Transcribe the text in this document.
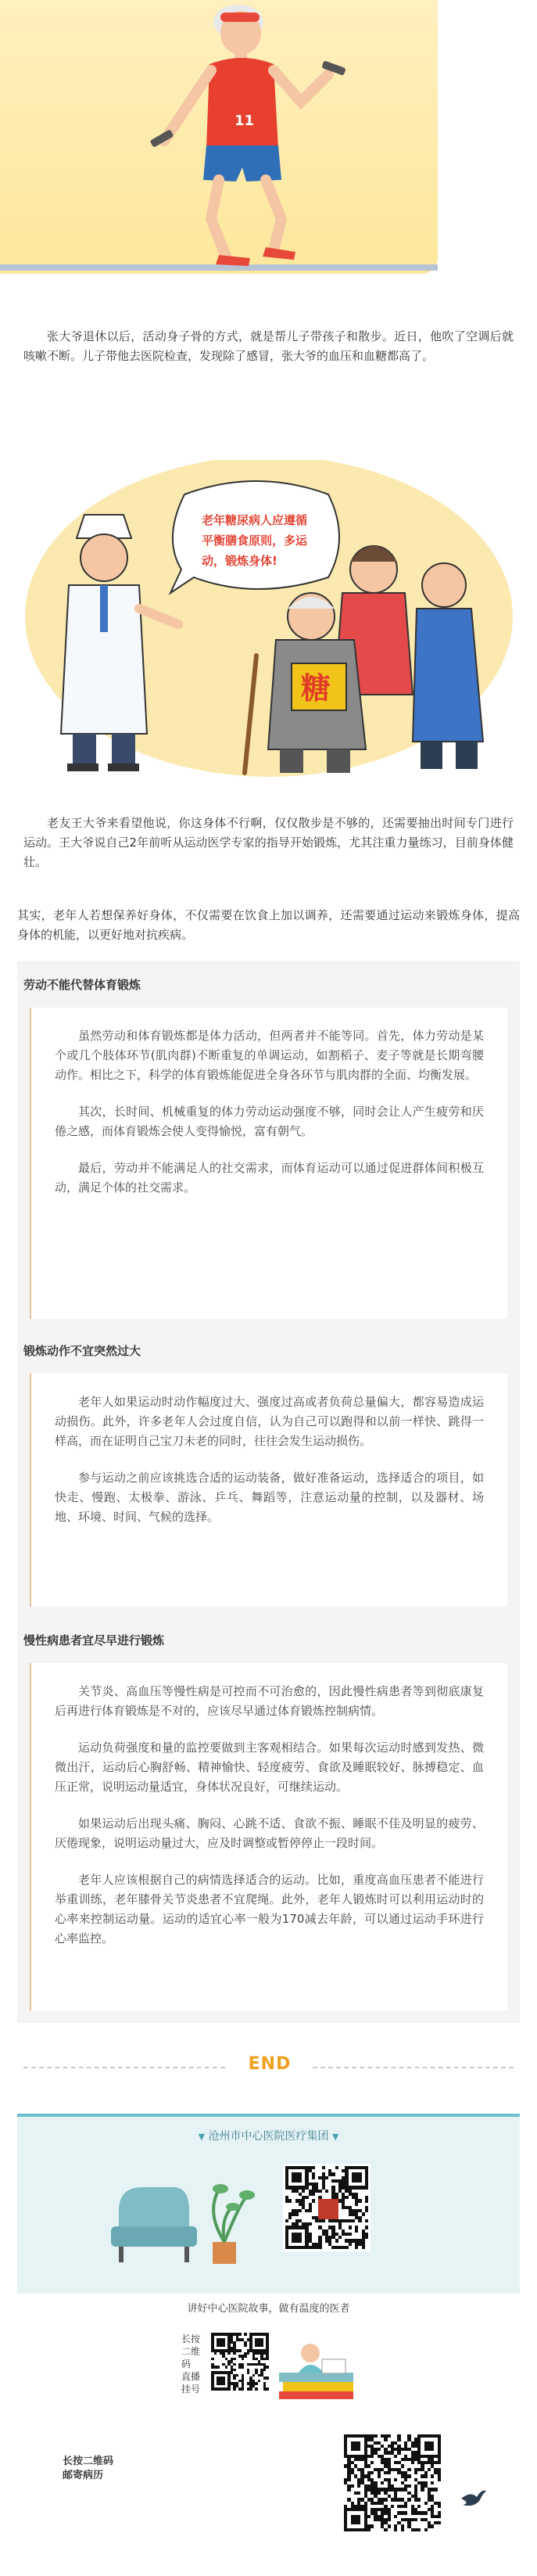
11
张大爷退休以后，活动身子骨的方式，就是帮儿子带孩子和散步。近日，他吹了空调后就咳嗽不断。儿子带他去医院检查，发现除了感冒，张大爷的血压和血糖都高了。
老年糖尿病人应遵循
平衡膳食原则，多运
动，锻炼身体!
糖
老友王大爷来看望他说，你这身体不行啊，仅仅散步是不够的，还需要抽出时间专门进行运动。王大爷说自己2年前听从运动医学专家的指导开始锻炼，尤其注重力量练习，目前身体健壮。
其实，老年人若想保养好身体，不仅需要在饮食上加以调养，还需要通过运动来锻炼身体，提高身体的机能，以更好地对抗疾病。
劳动不能代替体育锻炼

虽然劳动和体育锻炼都是体力活动，但两者并不能等同。首先，体力劳动是某个或几个肢体环节(肌肉群)不断重复的单调运动，如割稻子、麦子等就是长期弯腰动作。相比之下，科学的体育锻炼能促进全身各环节与肌肉群的全面、均衡发展。

其次，长时间、机械重复的体力劳动运动强度不够，同时会让人产生疲劳和厌倦之感，而体育锻炼会使人变得愉悦，富有朝气。

最后，劳动并不能满足人的社交需求，而体育运动可以通过促进群体间积极互动，满足个体的社交需求。

锻炼动作不宜突然过大

老年人如果运动时动作幅度过大、强度过高或者负荷总量偏大，都容易造成运动损伤。此外，许多老年人会过度自信，认为自己可以跑得和以前一样快、跳得一样高，而在证明自己宝刀未老的同时，往往会发生运动损伤。

参与运动之前应该挑选合适的运动装备，做好准备运动，选择适合的项目，如快走、慢跑、太极拳、游泳、乒乓、舞蹈等，注意运动量的控制，以及器材、场地、环境、时间、气候的选择。

慢性病患者宜尽早进行锻炼

关节炎、高血压等慢性病是可控而不可治愈的，因此慢性病患者等到彻底康复后再进行体育锻炼是不对的，应该尽早通过体育锻炼控制病情。

运动负荷强度和量的监控要做到主客观相结合。如果每次运动时感到发热、微微出汗，运动后心胸舒畅、精神愉快、轻度疲劳、食欲及睡眠较好、脉搏稳定、血压正常，说明运动量适宜，身体状况良好，可继续运动。

如果运动后出现头痛、胸闷、心跳不适、食欲不振、睡眠不佳及明显的疲劳、厌倦现象，说明运动量过大，应及时调整或暂停停止一段时间。

老年人应该根据自己的病情选择适合的运动。比如，重度高血压患者不能进行举重训练，老年膝骨关节炎患者不宜爬绳。此外，老年人锻炼时可以利用运动时的心率来控制运动量。运动的适宜心率一般为170减去年龄，可以通过运动手环进行心率监控。

END
▼ 沧州市中心医院医疗集团 ▼
讲好中心医院故事，做有温度的医者
长按
二维码
直播
挂号
长按二维码
邮寄病历
